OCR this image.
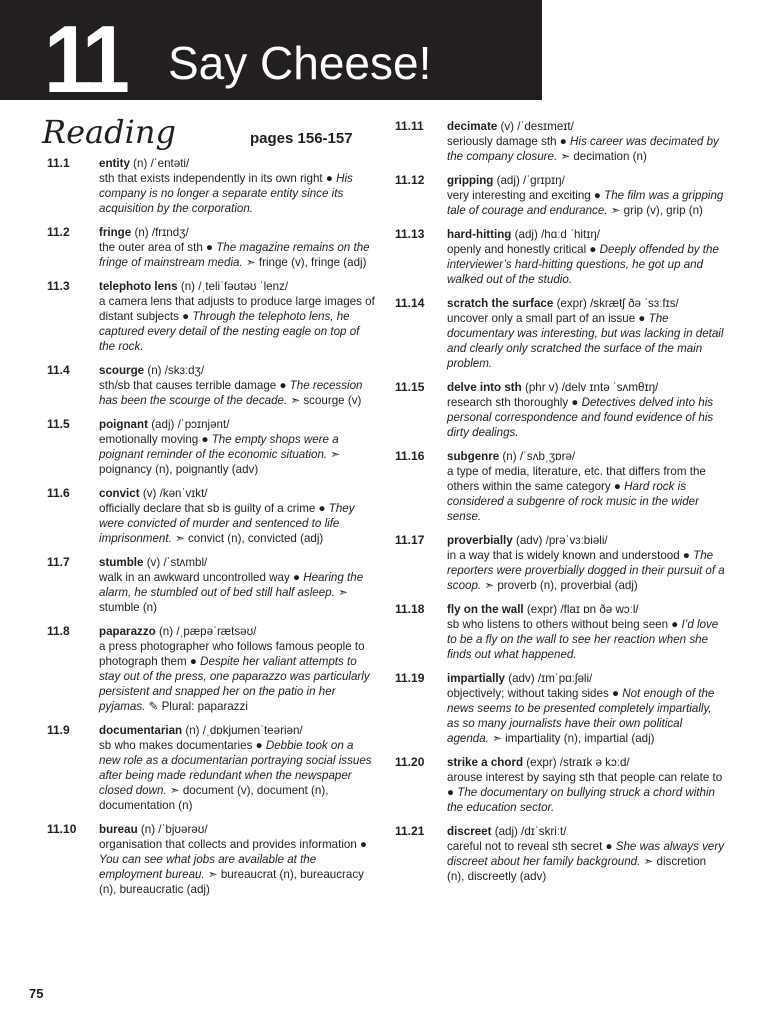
11 Say Cheese!
Reading	pages 156-157
11.1	entity (n) /ˈentəti/

sth that exists independently in its own right ● His company is no longer a separate entity since its acquisition by the corporation.

11.2	fringe (n) /frɪndʒ/

the outer area of sth ● The magazine remains on the fringe of mainstream media. ➣ fringe (v), fringe (adj)

11.3	telephoto lens (n) /ˌteliˈfəʊtəʊ ˈlenz/

a camera lens that adjusts to produce large images of distant subjects ● Through the telephoto lens, he captured every detail of the nesting eagle on top of the rock.

11.4	scourge (n) /skɜːdʒ/

sth/sb that causes terrible damage ● The recession has been the scourge of the decade. ➣ scourge (v)

11.5	poignant (adj) /ˈpɔɪnjənt/

emotionally moving ● The empty shops were a poignant reminder of the economic situation. ➣ poignancy (n), poignantly (adv)

11.6	convict (v) /kənˈvɪkt/

officially declare that sb is guilty of a crime ● They were convicted of murder and sentenced to life imprisonment. ➣ convict (n), convicted (adj)

11.7	stumble (v) /ˈstʌmbl/

walk in an awkward uncontrolled way ● Hearing the alarm, he stumbled out of bed still half asleep. ➣ stumble (n)

11.8	paparazzo (n) /ˌpæpəˈrætsəʊ/

a press photographer who follows famous people to photograph them ● Despite her valiant attempts to stay out of the press, one paparazzo was particularly persistent and snapped her on the patio in her pyjamas. ✎ Plural: paparazzi

11.9	documentarian (n) /ˌdɒkjumenˈteəriən/

sb who makes documentaries ● Debbie took on a new role as a documentarian portraying social issues after being made redundant when the newspaper closed down. ➣ document (v), document (n), documentation (n)

11.10	bureau (n) /ˈbjʊərəʊ/

organisation that collects and provides information ● You can see what jobs are available at the employment bureau. ➣ bureaucrat (n), bureaucracy (n), bureaucratic (adj)

11.11	decimate (v) /ˈdesɪmeɪt/

seriously damage sth ● His career was decimated by the company closure. ➣ decimation (n)

11.12	gripping (adj) /ˈɡrɪpɪŋ/

very interesting and exciting ● The film was a gripping tale of courage and endurance. ➣ grip (v), grip (n)

11.13	hard-hitting (adj) /hɑːd ˈhitɪŋ/

openly and honestly critical ● Deeply offended by the interviewer’s hard-hitting questions, he got up and walked out of the studio.

11.14	scratch the surface (expr) /skrætʃ ðə ˈsɜːfɪs/

uncover only a small part of an issue ● The documentary was interesting, but was lacking in detail and clearly only scratched the surface of the main problem.

11.15	delve into sth (phr v) /delv ɪntə ˈsʌmθɪŋ/

research sth thoroughly ● Detectives delved into his personal correspondence and found evidence of his dirty dealings.

11.16	subgenre (n) /ˈsʌbˌʒɒrə/

a type of media, literature, etc. that differs from the others within the same category ● Hard rock is considered a subgenre of rock music in the wider sense.

11.17	proverbially (adv) /prəˈvɜːbiəli/

in a way that is widely known and understood ● The reporters were proverbially dogged in their pursuit of a scoop. ➣ proverb (n), proverbial (adj)

11.18	fly on the wall (expr) /flaɪ ɒn ðə wɔːl/

sb who listens to others without being seen ● I’d love to be a fly on the wall to see her reaction when she finds out what happened.

11.19	impartially (adv) /ɪmˈpɑːʃəli/

objectively; without taking sides ● Not enough of the news seems to be presented completely impartially, as so many journalists have their own political agenda. ➣ impartiality (n), impartial (adj)

11.20	strike a chord (expr) /straɪk ə kɔːd/

arouse interest by saying sth that people can relate to ● The documentary on bullying struck a chord within the education sector.

11.21	discreet (adj) /dɪˈskriːt/

careful not to reveal sth secret ● She was always very discreet about her family background. ➣ discretion (n), discreetly (adv)

75
